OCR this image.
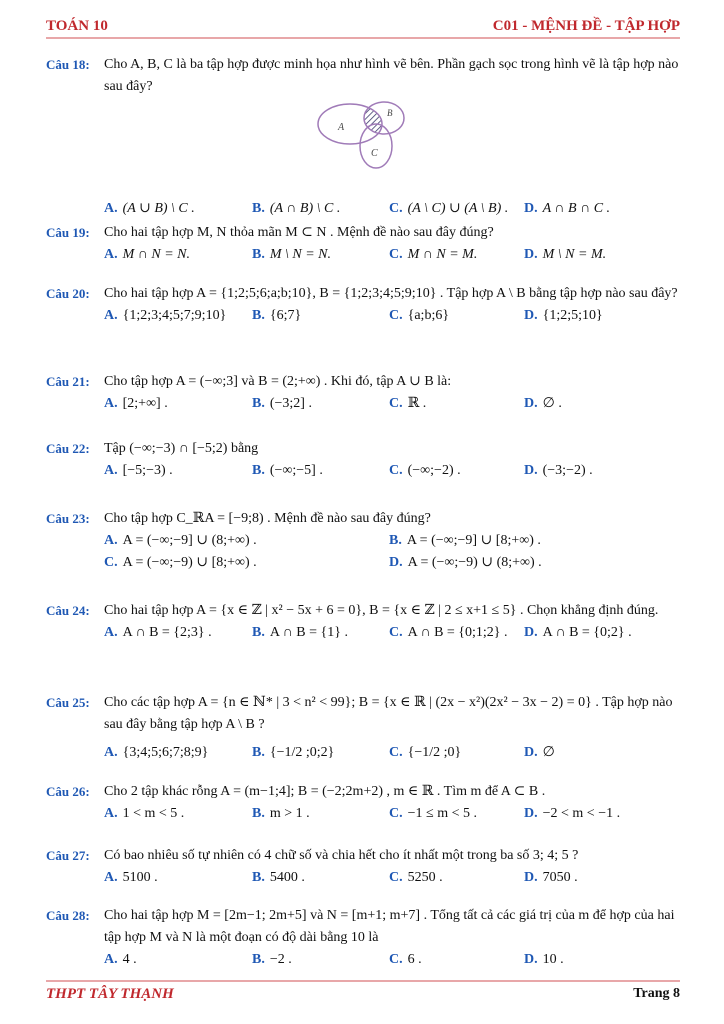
TOÁN 10	C01 - MỆNH ĐỀ - TẬP HỢP
Câu 18: Cho A, B, C là ba tập hợp được minh họa như hình vẽ bên. Phần gạch sọc trong hình vẽ là tập hợp nào sau đây?
A. (A ∪ B) \ C .	B. (A ∩ B) \ C .	C. (A \ C) ∪ (A \ B) . D. A ∩ B ∩ C .
A
B
C
Câu 19: Cho hai tập hợp M, N thỏa mãn M ⊂ N . Mệnh đề nào sau đây đúng?
A. M ∩ N = N.	B. M \ N = N.	C. M ∩ N = M.	D. M \ N = M.
Câu 20: Cho hai tập hợp A = {1;2;5;6;a;b;10}, B = {1;2;3;4;5;9;10} . Tập hợp A \ B bằng tập hợp nào sau đây?
A. {1;2;3;4;5;7;9;10} B. {6;7}	C. {a;b;6}	D. {1;2;5;10}
Câu 21: Cho tập hợp A = (−∞;3] và B = (2;+∞) . Khi đó, tập A ∪ B là:
A. [2;+∞] .	B. (−3;2] .	C. ℝ .	D. ∅ .
Câu 22: Tập (−∞;−3) ∩ [−5;2) bằng
A. [−5;−3) .	B. (−∞;−5] .	C. (−∞;−2) .	D. (−3;−2) .
Câu 23: Cho tập hợp C_ℝA = [−9;8) . Mệnh đề nào sau đây đúng?
A. A = (−∞;−9] ∪ (8;+∞) .	B. A = (−∞;−9] ∪ [8;+∞) .
C. A = (−∞;−9) ∪ [8;+∞) .	D. A = (−∞;−9) ∪ (8;+∞) .
Câu 24: Cho hai tập hợp A = {x ∈ ℤ | x² − 5x + 6 = 0}, B = {x ∈ ℤ | 2 ≤ x+1 ≤ 5} . Chọn khẳng định đúng.
A. A ∩ B = {2;3} .	B. A ∩ B = {1} .	C. A ∩ B = {0;1;2} . D. A ∩ B = {0;2} .
Câu 25: Cho các tập hợp A = {n ∈ ℕ* | 3 < n² < 99}; B = {x ∈ ℝ | (2x − x²)(2x² − 3x − 2) = 0} . Tập hợp nào sau đây bằng tập hợp A \ B ?
A. {3;4;5;6;7;8;9}	B. {−1/2 ;0;2}	C. {−1/2 ;0}	D. ∅
Câu 26: Cho 2 tập khác rỗng A = (m−1;4]; B = (−2;2m+2) , m ∈ ℝ . Tìm m để A ⊂ B .
A. 1 < m < 5 .	B. m > 1 .	C. −1 ≤ m < 5 .	D. −2 < m < −1 .
Câu 27: Có bao nhiêu số tự nhiên có 4 chữ số và chia hết cho ít nhất một trong ba số 3; 4; 5 ?
A. 5100 .	B. 5400 .	C. 5250 .	D. 7050 .
Câu 28: Cho hai tập hợp M = [2m−1; 2m+5] và N = [m+1; m+7] . Tổng tất cả các giá trị của m để hợp của hai tập hợp M và N là một đoạn có độ dài bằng 10 là
A. 4 .	B. −2 .	C. 6 .	D. 10 .
THPT TÂY THẠNH	Trang 8
